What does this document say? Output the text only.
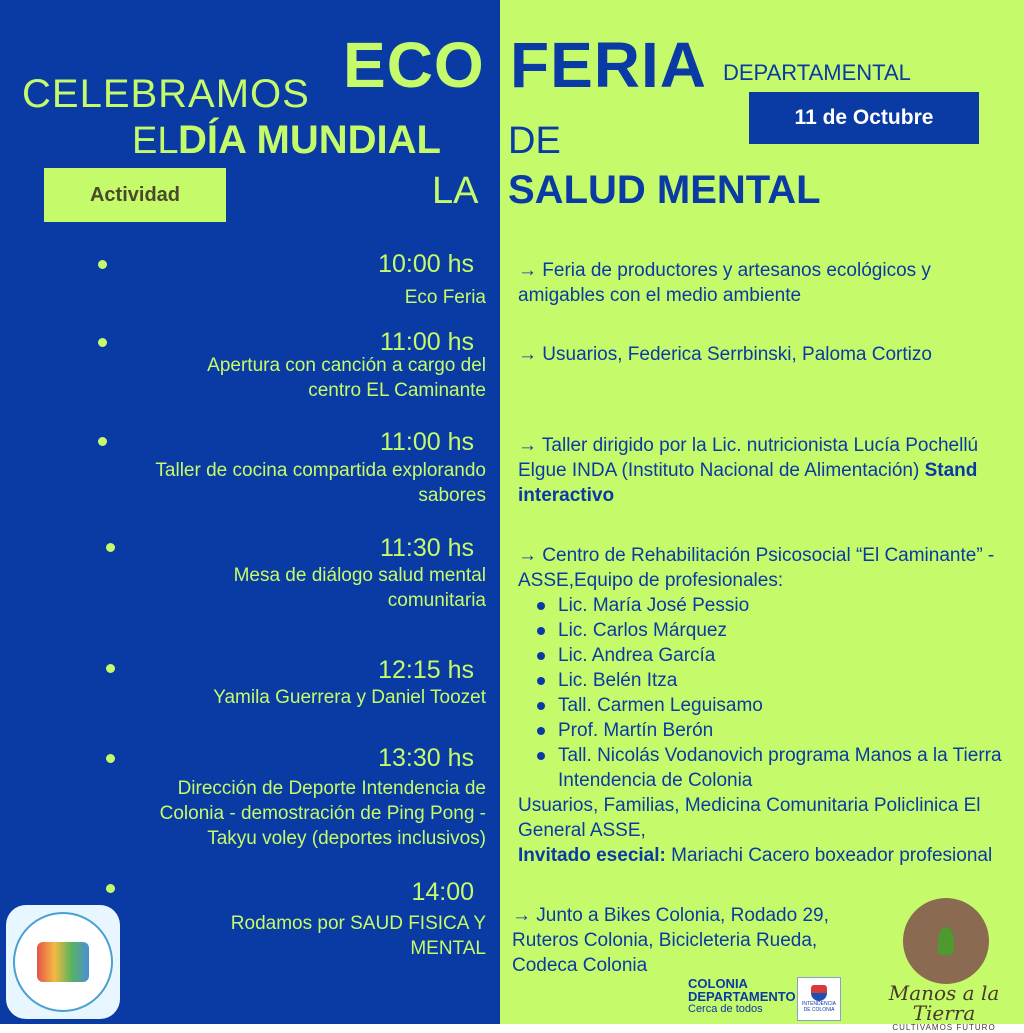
ECO FERIA DEPARTAMENTAL
CELEBRAMOS
EL DÍA MUNDIAL DE
LA SALUD MENTAL
11 de Octubre
Actividad
10:00 hs
Eco Feria
→ Feria de productores y artesanos ecológicos y amigables con el medio ambiente
11:00 hs
Apertura con canción a cargo del
centro EL Caminante
→ Usuarios, Federica Serrbinski, Paloma Cortizo
11:00 hs
Taller de cocina compartida explorando
sabores
→ Taller dirigido por la Lic. nutricionista Lucía Pochellú Elgue INDA (Instituto Nacional de Alimentación) Stand interactivo
11:30 hs
Mesa de diálogo salud mental
comunitaria
→ Centro de Rehabilitación Psicosocial “El Caminante” - ASSE,Equipo de profesionales:
Lic. María José Pessio
Lic. Carlos Márquez
Lic. Andrea García
Lic. Belén Itza
Tall. Carmen Leguisamo
Prof. Martín Berón
Tall. Nicolás Vodanovich programa Manos a la Tierra Intendencia de Colonia
Usuarios, Familias, Medicina Comunitaria Policlinica El General ASSE,
Invitado esecial: Mariachi Cacero boxeador profesional
12:15 hs
Yamila Guerrera y Daniel Toozet
13:30 hs
Dirección de Deporte Intendencia de
Colonia - demostración de Ping Pong -
Takyu voley (deportes inclusivos)
14:00
Rodamos por SAUD FISICA Y
MENTAL
→ Junto a Bikes Colonia, Rodado 29, Ruteros Colonia, Bicicleteria Rueda, Codeca Colonia
COLONIA
DEPARTAMENTO
Cerca de todos	INTENDENCIA
DE COLONIA
Manos a la Tierra
CULTIVAMOS FUTURO
